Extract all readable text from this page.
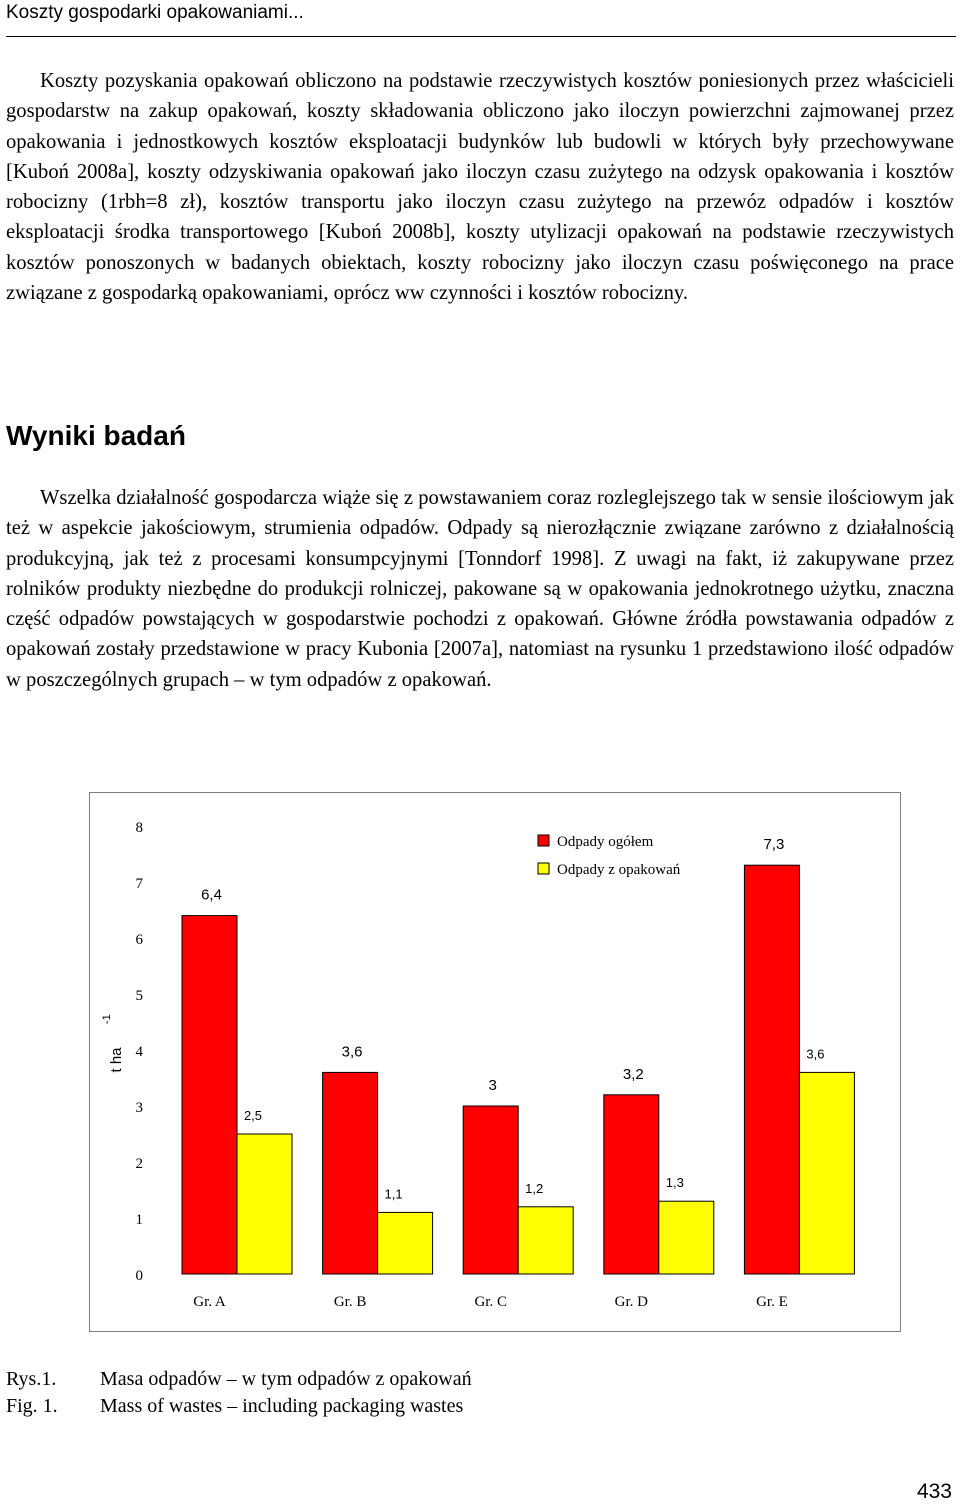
Koszty gospodarki opakowaniami...

Koszty pozyskania opakowań obliczono na podstawie rzeczywistych kosztów poniesionych przez właścicieli gospodarstw na zakup opakowań, koszty składowania obliczono jako iloczyn powierzchni zajmowanej przez opakowania i jednostkowych kosztów eksploatacji budynków lub budowli w których były przechowywane [Kuboń 2008a], koszty odzyskiwania opakowań jako iloczyn czasu zużytego na odzysk opakowania i kosztów robocizny (1rbh=8 zł), kosztów transportu jako iloczyn czasu zużytego na przewóz odpadów i kosztów eksploatacji środka transportowego [Kuboń 2008b], koszty utylizacji opakowań na podstawie rzeczywistych kosztów ponoszonych w badanych obiektach, koszty robocizny jako iloczyn czasu poświęconego na prace związane z gospodarką opakowaniami, oprócz ww czynności i kosztów robocizny.

Wyniki badań

Wszelka działalność gospodarcza wiąże się z powstawaniem coraz rozleglejszego tak w sensie ilościowym jak też w aspekcie jakościowym, strumienia odpadów. Odpady są nierozłącznie związane zarówno z działalnością produkcyjną, jak też z procesami konsumpcyjnymi [Tonndorf 1998]. Z uwagi na fakt, iż zakupywane przez rolników produkty niezbędne do produkcji rolniczej, pakowane są w opakowania jednokrotnego użytku, znaczna część odpadów powstających w gospodarstwie pochodzi z opakowań. Główne źródła powstawania odpadów z opakowań zostały przedstawione w pracy Kubonia [2007a], natomiast na rysunku 1 przedstawiono ilość odpadów w poszczególnych grupach – w tym odpadów z opakowań.

0
1
2
3
4
5
6
7
8
t ha
-1
6,4
2,5
Gr. A
3,6
1,1
Gr. B
3
1,2
Gr. C
3,2
1,3
Gr. D
7,3
3,6
Gr. E
Odpady ogółem
Odpady z opakowań
Rys.1. Masa odpadów – w tym odpadów z opakowań
Fig. 1. Mass of wastes – including packaging wastes
433
